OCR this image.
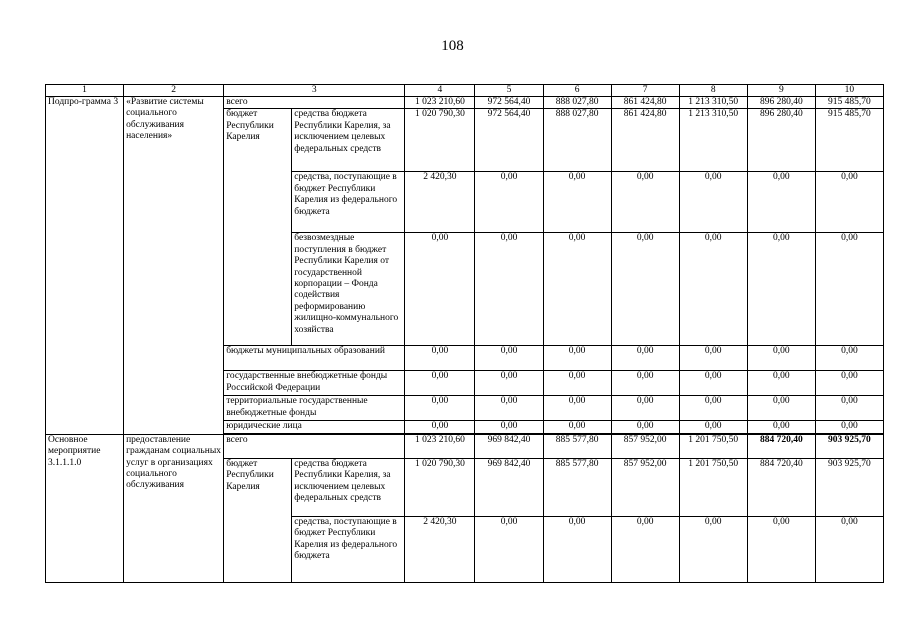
108
1	2	3		4	5	6	7	8	9	10
Подпро-грамма 3	«Развитие системы социального обслуживания населения»	всего		1 023 210,60	972 564,40	888 027,80	861 424,80	1 213 310,50	896 280,40	915 485,70
		бюджет Республики Карелия	средства бюджета Республики Карелия, за исключением целевых федеральных средств	1 020 790,30	972 564,40	888 027,80	861 424,80	1 213 310,50	896 280,40	915 485,70
			средства, поступающие в бюджет Республики Карелия из федерального бюджета	2 420,30	0,00	0,00	0,00	0,00	0,00	0,00
			безвозмездные поступления в бюджет Республики Карелия от государственной корпорации – Фонда содействия реформированию жилищно-коммунального хозяйства	0,00	0,00	0,00	0,00	0,00	0,00	0,00
		бюджеты муниципальных образований		0,00	0,00	0,00	0,00	0,00	0,00	0,00
		государственные внебюджетные фонды Российской Федерации		0,00	0,00	0,00	0,00	0,00	0,00	0,00
		территориальные государственные внебюджетные фонды		0,00	0,00	0,00	0,00	0,00	0,00	0,00
		юридические лица		0,00	0,00	0,00	0,00	0,00	0,00	0,00

Основное мероприятие 3.1.1.1.0	предоставление гражданам социальных услуг в организациях социального обслуживания	всего		1 023 210,60	969 842,40	885 577,80	857 952,00	1 201 750,50	884 720,40	903 925,70
		бюджет Республики Карелия	средства бюджета Республики Карелия, за исключением целевых федеральных средств	1 020 790,30	969 842,40	885 577,80	857 952,00	1 201 750,50	884 720,40	903 925,70
			средства, поступающие в бюджет Республики Карелия из федерального бюджета	2 420,30	0,00	0,00	0,00	0,00	0,00	0,00
